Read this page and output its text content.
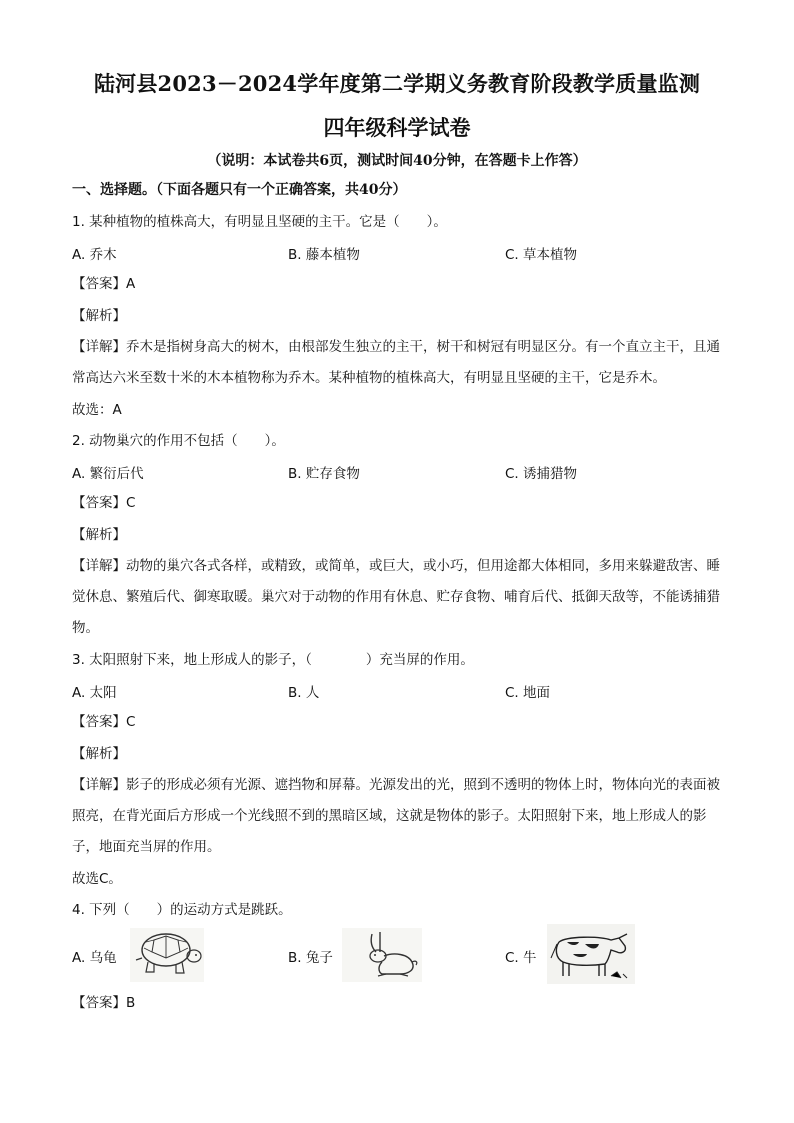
陆河县2023－2024学年度第二学期义务教育阶段教学质量监测
四年级科学试卷
（说明：本试卷共6页，测试时间40分钟，在答题卡上作答）
一、选择题。（下面各题只有一个正确答案，共40分）
1. 某种植物的植株高大，有明显且坚硬的主干。它是（　　）。
A. 乔木	B. 藤本植物	C. 草本植物
【答案】A
【解析】
【详解】乔木是指树身高大的树木，由根部发生独立的主干，树干和树冠有明显区分。有一个直立主干，且通常高达六米至数十米的木本植物称为乔木。某种植物的植株高大，有明显且坚硬的主干，它是乔木。
故选：A
2. 动物巢穴的作用不包括（　　）。
A. 繁衍后代	B. 贮存食物	C. 诱捕猎物
【答案】C
【解析】
【详解】动物的巢穴各式各样，或精致，或简单，或巨大，或小巧，但用途都大体相同，多用来躲避敌害、睡觉休息、繁殖后代、御寒取暖。巢穴对于动物的作用有休息、贮存食物、哺育后代、抵御天敌等，不能诱捕猎物。
3. 太阳照射下来，地上形成人的影子，（　　　　）充当屏的作用。
A. 太阳	B. 人	C. 地面
【答案】C
【解析】
【详解】影子的形成必须有光源、遮挡物和屏幕。光源发出的光，照到不透明的物体上时，物体向光的表面被照亮，在背光面后方形成一个光线照不到的黑暗区域，这就是物体的影子。太阳照射下来，地上形成人的影子，地面充当屏的作用。
故选C。
4. 下列（　　）的运动方式是跳跃。
A. 乌龟	B. 兔子	C. 牛
【答案】B
